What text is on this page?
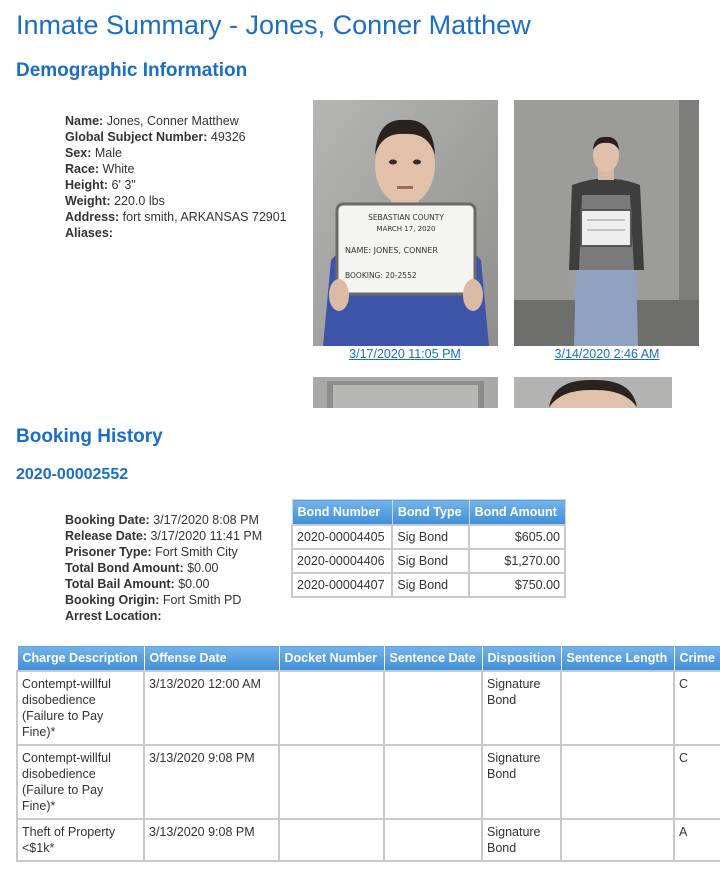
Inmate Summary - Jones, Conner Matthew
Demographic Information
Name: Jones, Conner Matthew
Global Subject Number: 49326
Sex: Male
Race: White
Height: 6' 3"
Weight: 220.0 lbs
Address: fort smith, ARKANSAS 72901
Aliases:
SEBASTIAN COUNTY
MARCH 17, 2020
NAME: JONES, CONNER
BOOKING: 20-2552
3/17/2020 11:05 PM	3/14/2020 2:46 AM
Booking History
2020-00002552
Booking Date: 3/17/2020 8:08 PM
Release Date: 3/17/2020 11:41 PM
Prisoner Type: Fort Smith City
Total Bond Amount: $0.00
Total Bail Amount: $0.00
Booking Origin: Fort Smith PD
Arrest Location:
Bond Number	Bond Type	Bond Amount
2020-00004405	Sig Bond	$605.00
2020-00004406	Sig Bond	$1,270.00
2020-00004407	Sig Bond	$750.00
Charge Description	Offense Date	Docket Number	Sentence Date	Disposition	Sentence Length	Crime
Contempt-willful disobedience (Failure to Pay Fine)*	3/13/2020 12:00 AM			Signature Bond		C
Contempt-willful disobedience (Failure to Pay Fine)*	3/13/2020 9:08 PM			Signature Bond		C
Theft of Property <$1k*	3/13/2020 9:08 PM			Signature Bond		A
